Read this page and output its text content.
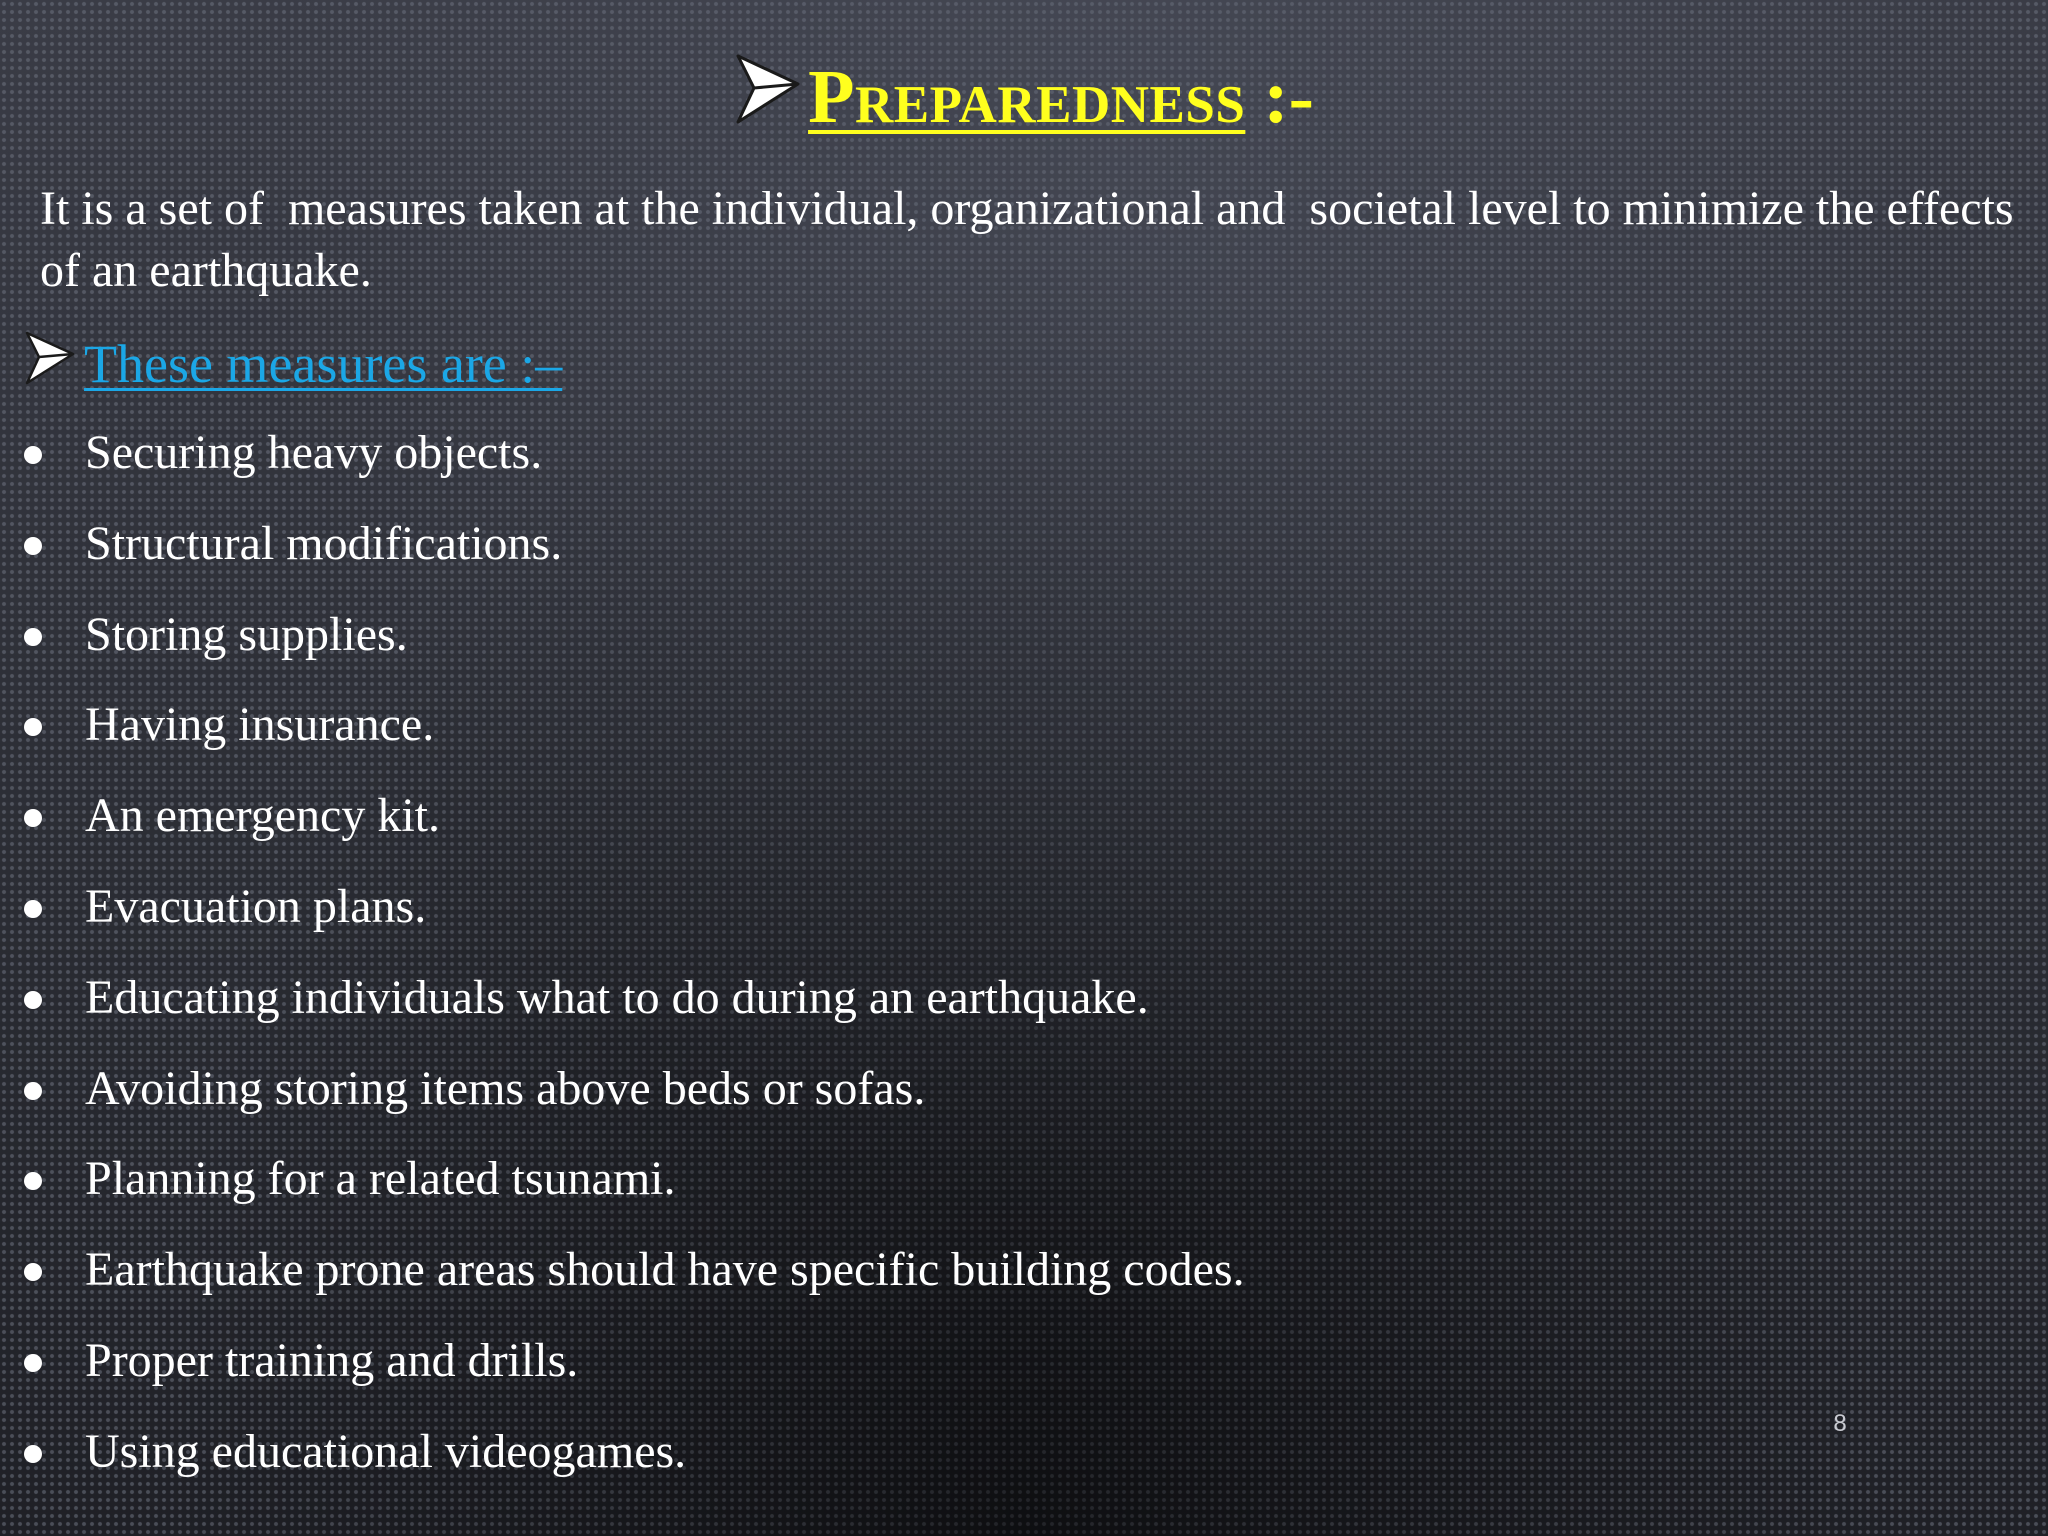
Preparedness :-
It is a set of  measures taken at the individual, organizational and  societal level to minimize the effects of an earthquake.
These measures are :–
Securing heavy objects.
Structural modifications.
Storing supplies.
Having insurance.
An emergency kit.
Evacuation plans.
Educating individuals what to do during an earthquake.
Avoiding storing items above beds or sofas.
Planning for a related tsunami.
Earthquake prone areas should have specific building codes.
Proper training and drills.
Using educational videogames.
8
